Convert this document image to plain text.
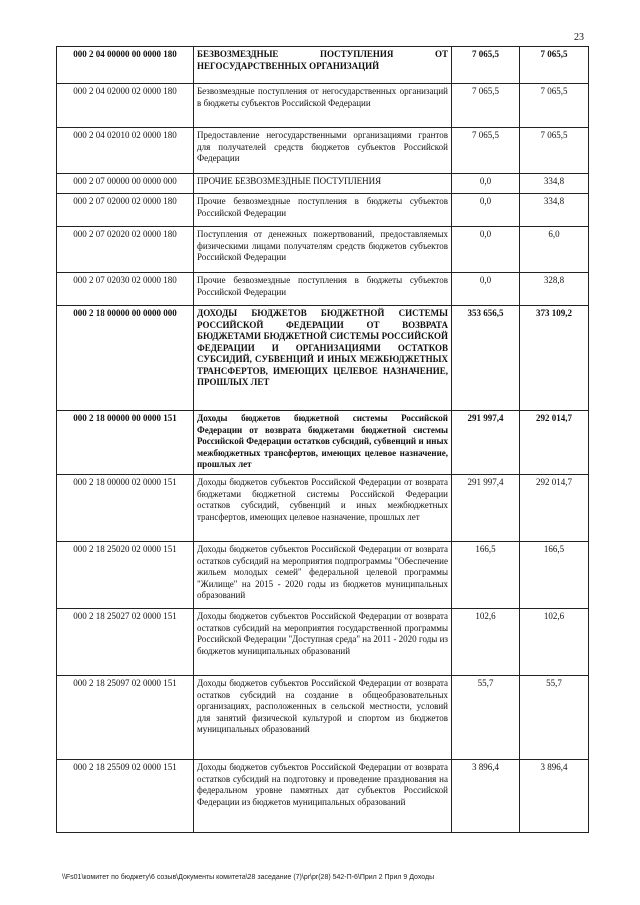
23
000 2 04 00000 00 0000 180	БЕЗВОЗМЕЗДНЫЕ ПОСТУПЛЕНИЯ ОТ НЕГОСУДАРСТВЕННЫХ ОРГАНИЗАЦИЙ	7 065,5	7 065,5
000 2 04 02000 02 0000 180	Безвозмездные поступления от негосударственных организаций в бюджеты субъектов Российской Федерации	7 065,5	7 065,5
000 2 04 02010 02 0000 180	Предоставление негосударственными организациями грантов для получателей средств бюджетов субъектов Российской Федерации	7 065,5	7 065,5
000 2 07 00000 00 0000 000	ПРОЧИЕ БЕЗВОЗМЕЗДНЫЕ ПОСТУПЛЕНИЯ	0,0	334,8
000 2 07 02000 02 0000 180	Прочие безвозмездные поступления в бюджеты субъектов Российской Федерации	0,0	334,8
000 2 07 02020 02 0000 180	Поступления от денежных пожертвований, предоставляемых физическими лицами получателям средств бюджетов субъектов Российской Федерации	0,0	6,0
000 2 07 02030 02 0000 180	Прочие безвозмездные поступления в бюджеты субъектов Российской Федерации	0,0	328,8
000 2 18 00000 00 0000 000	ДОХОДЫ БЮДЖЕТОВ БЮДЖЕТНОЙ СИСТЕМЫ РОССИЙСКОЙ ФЕДЕРАЦИИ ОТ ВОЗВРАТА БЮДЖЕТАМИ БЮДЖЕТНОЙ СИСТЕМЫ РОССИЙСКОЙ ФЕДЕРАЦИИ И ОРГАНИЗАЦИЯМИ ОСТАТКОВ СУБСИДИЙ, СУБВЕНЦИЙ И ИНЫХ МЕЖБЮДЖЕТНЫХ ТРАНСФЕРТОВ, ИМЕЮЩИХ ЦЕЛЕВОЕ НАЗНАЧЕНИЕ, ПРОШЛЫХ ЛЕТ	353 656,5	373 109,2
000 2 18 00000 00 0000 151	Доходы бюджетов бюджетной системы Российской Федерации от возврата бюджетами бюджетной системы Российской Федерации остатков субсидий, субвенций и иных межбюджетных трансфертов, имеющих целевое назначение, прошлых лет	291 997,4	292 014,7
000 2 18 00000 02 0000 151	Доходы бюджетов субъектов Российской Федерации от возврата бюджетами бюджетной системы Российской Федерации остатков субсидий, субвенций и иных межбюджетных трансфертов, имеющих целевое назначение, прошлых лет	291 997,4	292 014,7
000 2 18 25020 02 0000 151	Доходы бюджетов субъектов Российской Федерации от возврата остатков субсидий на мероприятия подпрограммы "Обеспечение жильем молодых семей" федеральной целевой программы "Жилище" на 2015 - 2020 годы из бюджетов муниципальных образований	166,5	166,5
000 2 18 25027 02 0000 151	Доходы бюджетов субъектов Российской Федерации от возврата остатков субсидий на мероприятия государственной программы Российской Федерации "Доступная среда" на 2011 - 2020 годы из бюджетов муниципальных образований	102,6	102,6
000 2 18 25097 02 0000 151	Доходы бюджетов субъектов Российской Федерации от возврата остатков субсидий на создание в общеобразовательных организациях, расположенных в сельской местности, условий для занятий физической культурой и спортом из бюджетов муниципальных образований	55,7	55,7
000 2 18 25509 02 0000 151	Доходы бюджетов субъектов Российской Федерации от возврата остатков субсидий на подготовку и проведение празднования на федеральном уровне памятных дат субъектов Российской Федерации из бюджетов муниципальных образований	3 896,4	3 896,4
\\Fs01\комитет по бюджету\6 созыв\Документы комитета\28 заседание (7)\pr\pr(28) 542-П-6\Прил 2 Прил 9 Доходы
